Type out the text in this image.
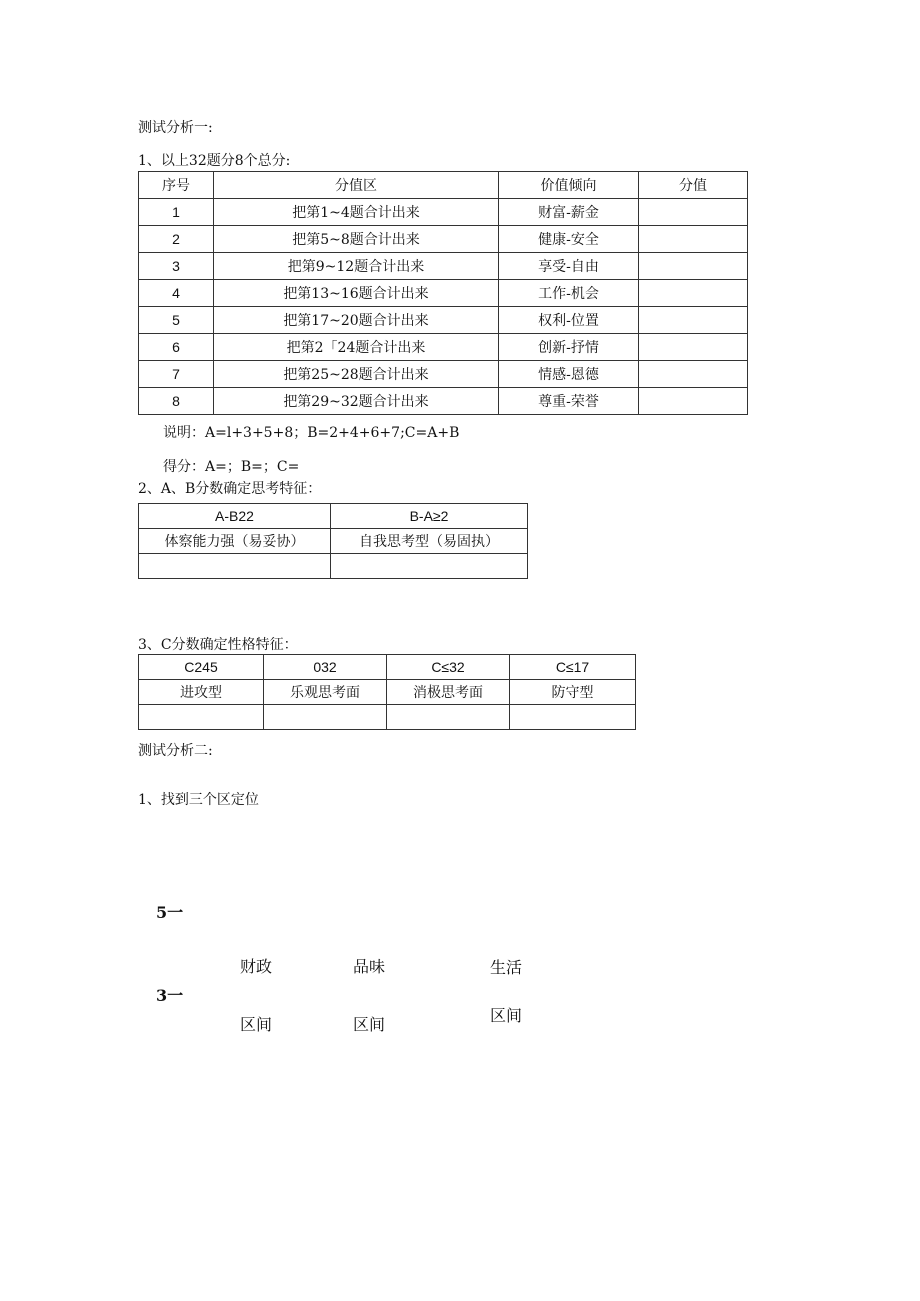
测试分析一:
1、以上32题分8个总分:
序号	分值区	价值倾向	分值
1	把第1~4题合计出来	财富-薪金	
2	把第5~8题合计出来	健康-安全	
3	把第9~12题合计出来	享受-自由	
4	把第13~16题合计出来	工作-机会	
5	把第17~20题合计出来	权利-位置	
6	把第2「24题合计出来	创新-抒情	
7	把第25~28题合计出来	情感-恩德	
8	把第29~32题合计出来	尊重-荣誉	
说明：A=l+3+5+8；B=2+4+6+7;C=A+B
得分：A=；B=；C=
2、A、B分数确定思考特征：
A-B22	B-A≥2
体察能力强（易妥协）	自我思考型（易固执）

3、C分数确定性格特征：
C245	032	C≤32	C≤17
进攻型	乐观思考面	消极思考面	防守型

测试分析二:
1、找到三个区定位
5一
3一
财政
区间
品味
区间
生活
区间
